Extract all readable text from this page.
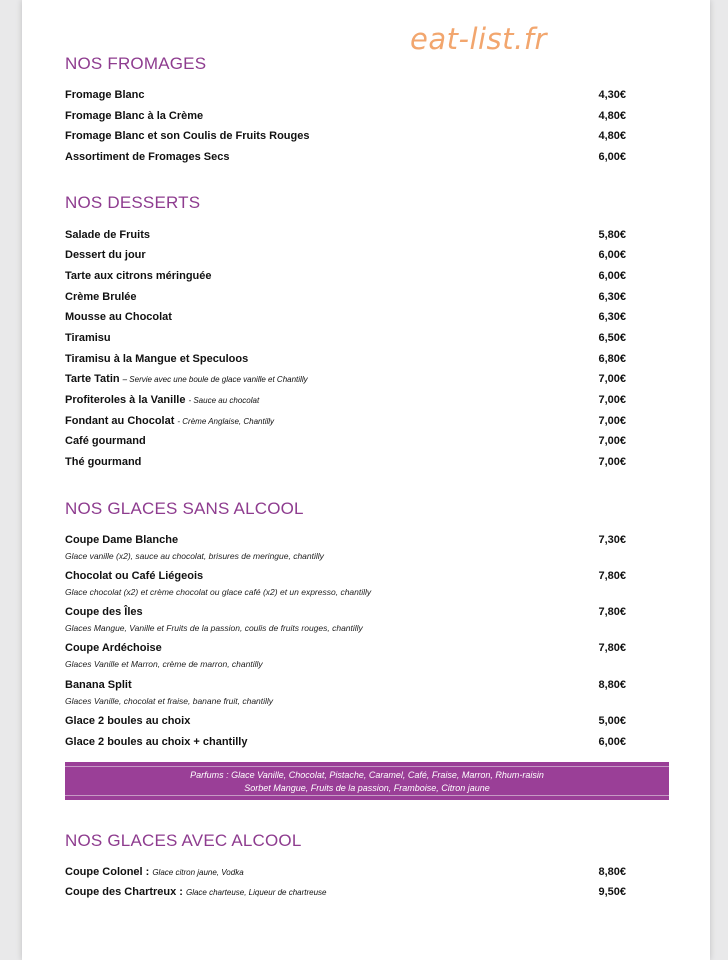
eat-list.fr
NOS FROMAGES
Fromage Blanc	4,30€
Fromage Blanc à la Crème	4,80€
Fromage Blanc et son Coulis de Fruits Rouges	4,80€
Assortiment de Fromages Secs	6,00€
NOS DESSERTS
Salade de Fruits	5,80€
Dessert du jour	6,00€
Tarte aux citrons méringuée	6,00€
Crème Brulée	6,30€
Mousse au Chocolat	6,30€
Tiramisu	6,50€
Tiramisu à la Mangue et Speculoos	6,80€
Tarte Tatin – Servie avec une boule de glace vanille et Chantilly	7,00€
Profiteroles à la Vanille - Sauce au chocolat	7,00€
Fondant au Chocolat - Crème Anglaise, Chantilly	7,00€
Café gourmand	7,00€
Thé gourmand	7,00€
NOS GLACES SANS ALCOOL
Coupe Dame Blanche	7,30€
Glace vanille (x2), sauce au chocolat, brisures de meringue, chantilly
Chocolat ou Café Liégeois	7,80€
Glace chocolat (x2) et crème chocolat ou glace café (x2) et un expresso, chantilly
Coupe des Îles	7,80€
Glaces Mangue, Vanille et Fruits de la passion, coulis de fruits rouges, chantilly
Coupe Ardéchoise	7,80€
Glaces Vanille et Marron, crème de marron, chantilly
Banana Split	8,80€
Glaces Vanille, chocolat et fraise, banane fruit, chantilly
Glace 2 boules au choix	5,00€
Glace 2 boules au choix + chantilly	6,00€
Parfums : Glace Vanille, Chocolat, Pistache, Caramel, Café, Fraise, Marron, Rhum-raisin
Sorbet Mangue, Fruits de la passion, Framboise, Citron jaune
NOS GLACES AVEC ALCOOL
Coupe Colonel : Glace citron jaune, Vodka	8,80€
Coupe des Chartreux : Glace charteuse, Liqueur de chartreuse	9,50€
